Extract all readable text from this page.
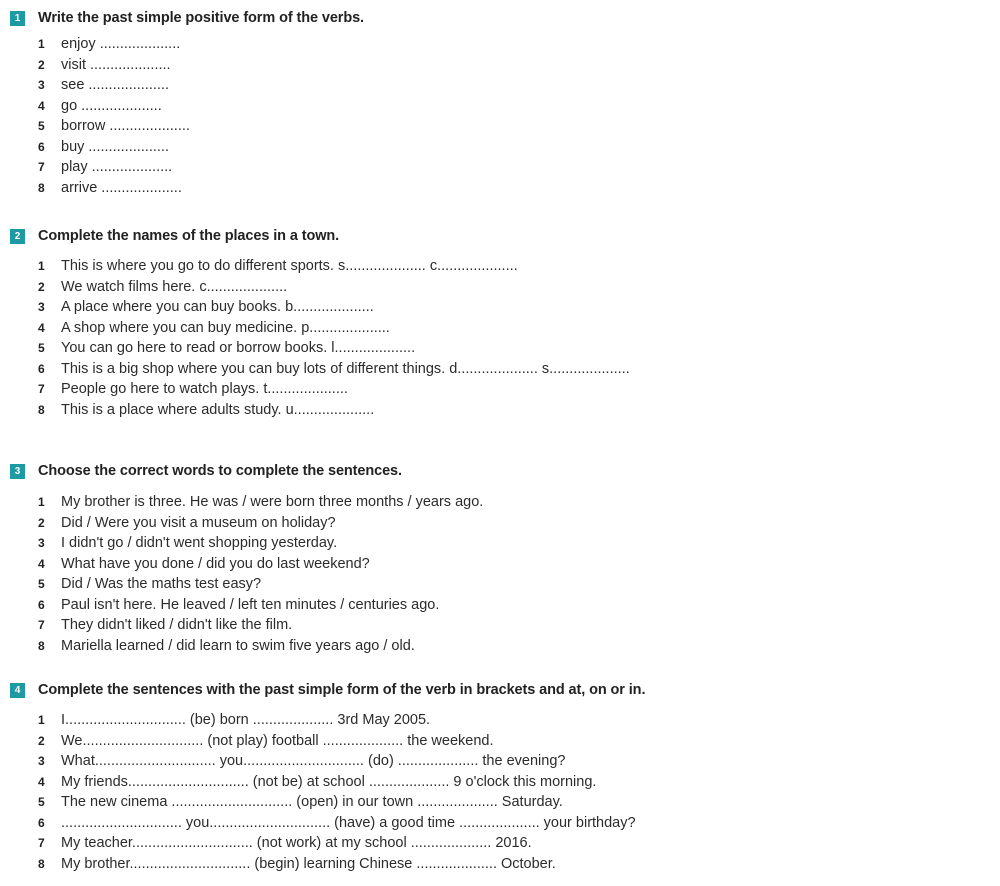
1	Write the past simple positive form of the verbs.
1	enjoy ....................
2	visit ....................
3	see ....................
4	go ....................
5	borrow ....................
6	buy ....................
7	play ....................
8	arrive ....................
2	Complete the names of the places in a town.
1	This is where you go to do different sports. s.................... c....................
2	We watch films here. c....................
3	A place where you can buy books. b....................
4	A shop where you can buy medicine. p....................
5	You can go here to read or borrow books. l....................
6	This is a big shop where you can buy lots of different things. d.................... s....................
7	People go here to watch plays. t....................
8	This is a place where adults study. u....................
3	Choose the correct words to complete the sentences.
1	My brother is three. He was / were born three months / years ago.
2	Did / Were you visit a museum on holiday?
3	I didn't go / didn't went shopping yesterday.
4	What have you done / did you do last weekend?
5	Did / Was the maths test easy?
6	Paul isn't here. He leaved / left ten minutes / centuries ago.
7	They didn't liked / didn't like the film.
8	Mariella learned / did learn to swim five years ago / old.
4	Complete the sentences with the past simple form of the verb in brackets and at, on or in.
1	I.............................. (be) born .................... 3rd May 2005.
2	We.............................. (not play) football .................... the weekend.
3	What.............................. you.............................. (do) .................... the evening?
4	My friends.............................. (not be) at school .................... 9 o'clock this morning.
5	The new cinema .............................. (open) in our town .................... Saturday.
6	.............................. you.............................. (have) a good time .................... your birthday?
7	My teacher.............................. (not work) at my school .................... 2016.
8	My brother.............................. (begin) learning Chinese .................... October.
